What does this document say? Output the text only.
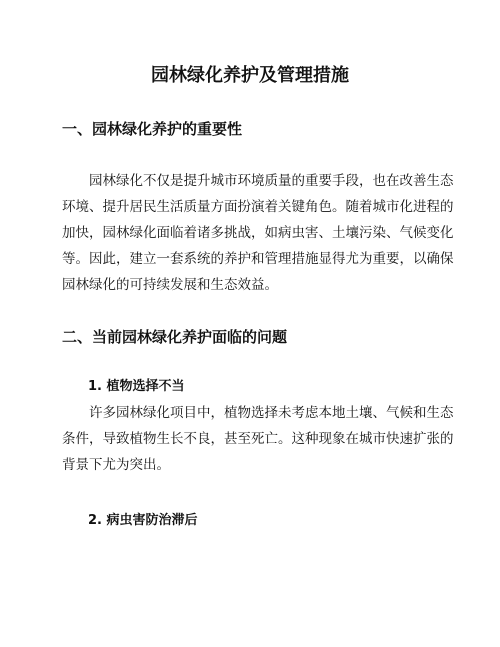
园林绿化养护及管理措施
一、园林绿化养护的重要性
园林绿化不仅是提升城市环境质量的重要手段，也在改善生态
环境、提升居民生活质量方面扮演着关键角色。随着城市化进程的
加快，园林绿化面临着诸多挑战，如病虫害、土壤污染、气候变化
等。因此，建立一套系统的养护和管理措施显得尤为重要，以确保
园林绿化的可持续发展和生态效益。
二、当前园林绿化养护面临的问题
1. 植物选择不当
许多园林绿化项目中，植物选择未考虑本地土壤、气候和生态
条件，导致植物生长不良，甚至死亡。这种现象在城市快速扩张的
背景下尤为突出。
2. 病虫害防治滞后
